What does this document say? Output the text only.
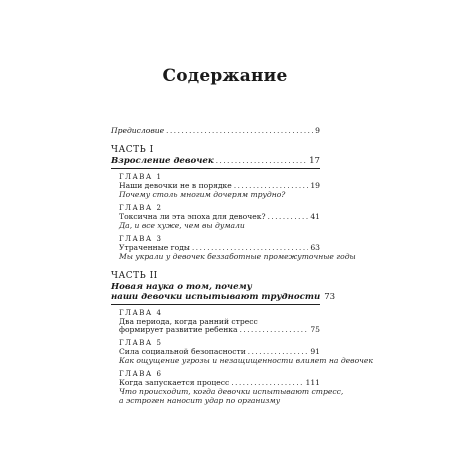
Содержание
Предисловие .....	9
ЧАСТЬ I
Взросление девочек .....	17
ГЛАВА 1
Наши девочки не в порядке .....	19
Почему столь многим дочерям трудно?
ГЛАВА 2
Токсична ли эта эпоха для девочек? .....	41
Да, и все хуже, чем вы думали
ГЛАВА 3
Утраченные годы .....	63
Мы украли у девочек беззаботные промежуточные годы
ЧАСТЬ II
Новая наука о том, почему
наши девочки испытывают трудности 73
ГЛАВА 4
Два периода, когда ранний стресс
формирует развитие ребенка .....	75
ГЛАВА 5
Сила социальной безопасности .....	91
Как ощущение угрозы и незащищенности влияет на девочек
ГЛАВА 6
Когда запускается процесс .....	111
Что происходит, когда девочки испытывают стресс,
а эстроген наносит удар по организму
